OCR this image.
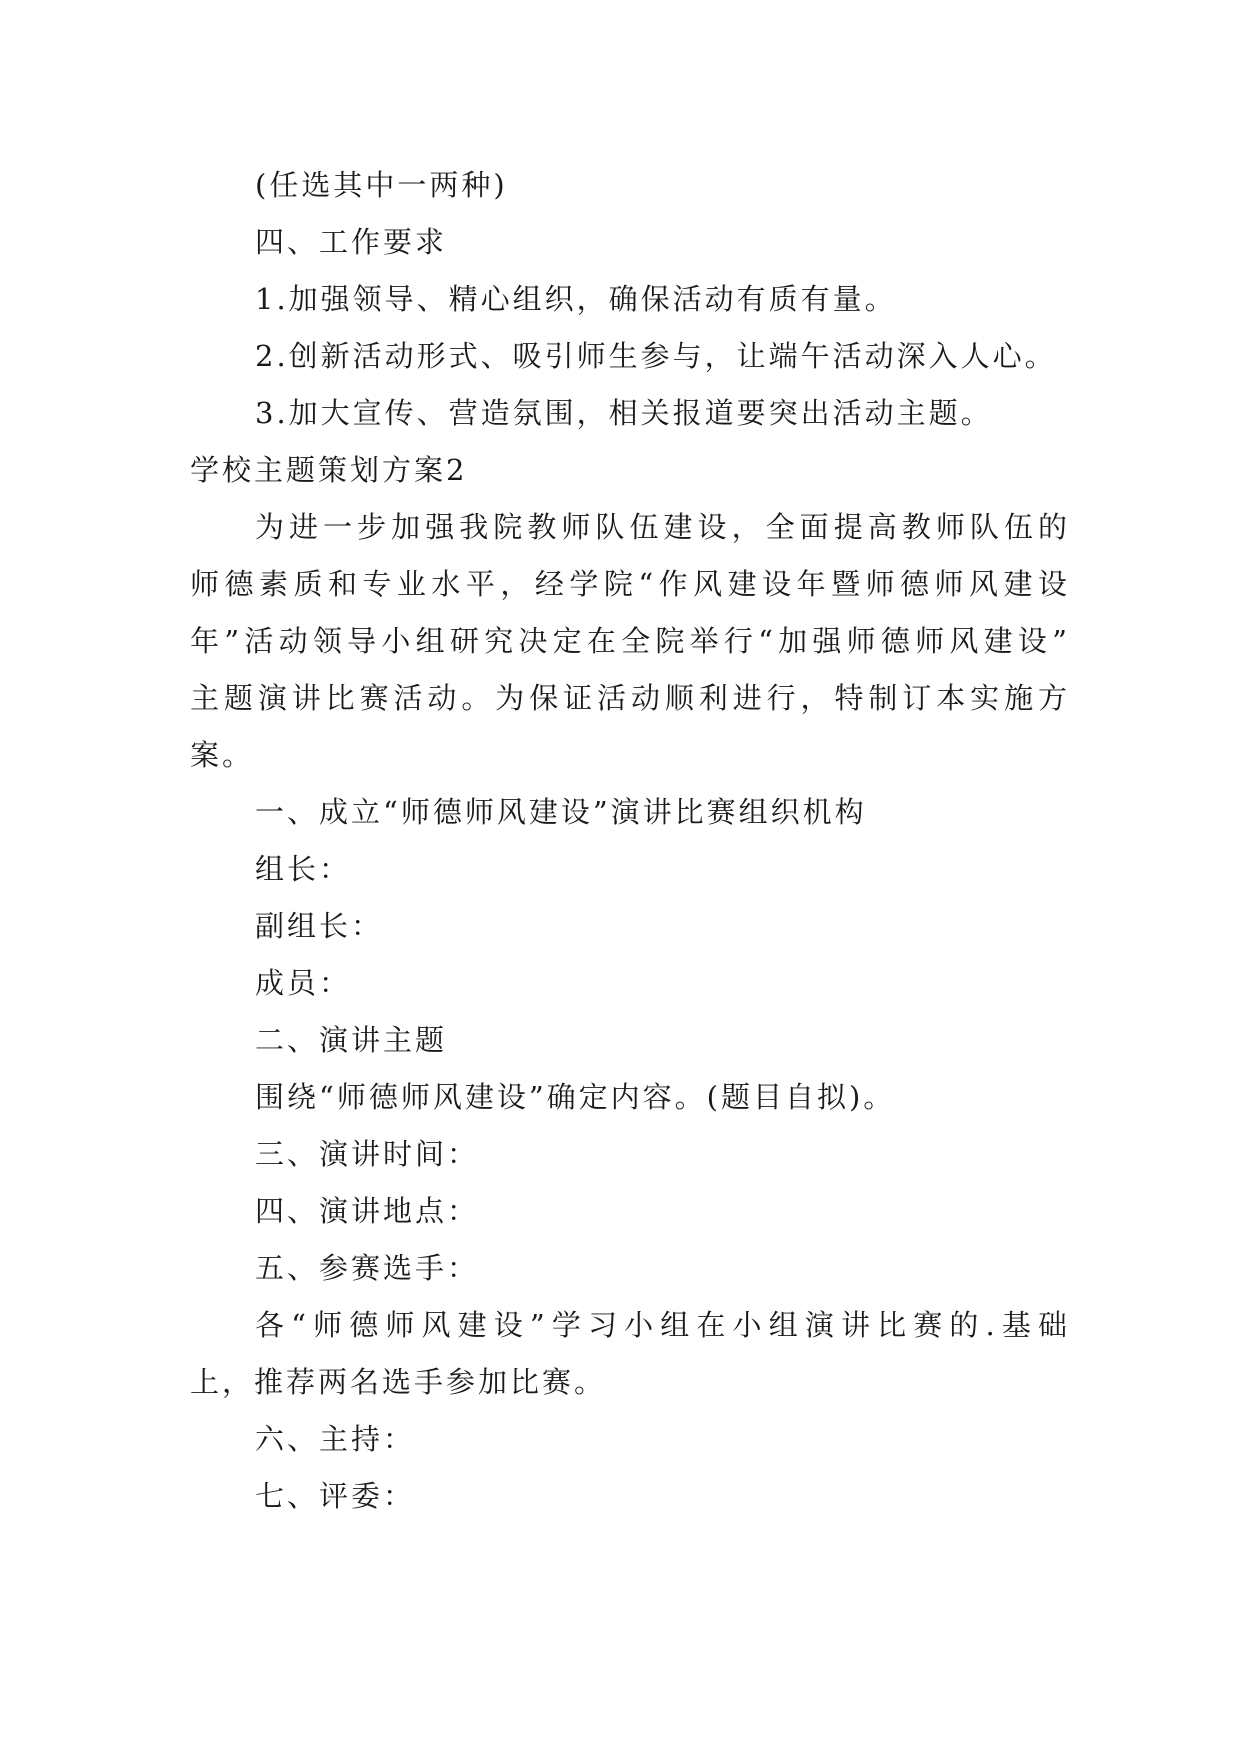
(任选其中一两种)
四、工作要求
1.加强领导、精心组织，确保活动有质有量。
2.创新活动形式、吸引师生参与，让端午活动深入人心。
3.加大宣传、营造氛围，相关报道要突出活动主题。
学校主题策划方案2
为进一步加强我院教师队伍建设，全面提高教师队伍的
师德素质和专业水平，经学院“作风建设年暨师德师风建设
年”活动领导小组研究决定在全院举行“加强师德师风建设”
主题演讲比赛活动。为保证活动顺利进行，特制订本实施方
案。
一、成立“师德师风建设”演讲比赛组织机构
组长：
副组长：
成员：
二、演讲主题
围绕“师德师风建设”确定内容。(题目自拟)。
三、演讲时间：
四、演讲地点：
五、参赛选手：
各“师德师风建设”学习小组在小组演讲比赛的.基础
上，推荐两名选手参加比赛。
六、主持：
七、评委：
